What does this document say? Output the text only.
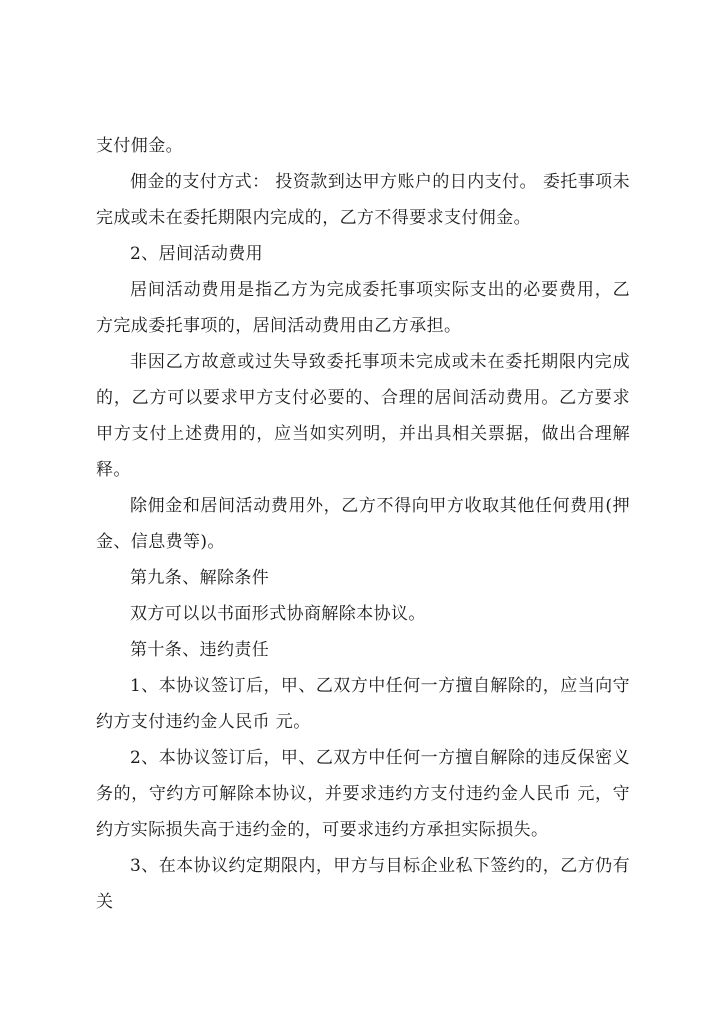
支付佣金。

佣金的支付方式： 投资款到达甲方账户的日内支付。 委托事项未完成或未在委托期限内完成的，乙方不得要求支付佣金。

2、居间活动费用

居间活动费用是指乙方为完成委托事项实际支出的必要费用，乙方完成委托事项的，居间活动费用由乙方承担。

非因乙方故意或过失导致委托事项未完成或未在委托期限内完成的，乙方可以要求甲方支付必要的、合理的居间活动费用。乙方要求甲方支付上述费用的，应当如实列明，并出具相关票据，做出合理解释。

除佣金和居间活动费用外，乙方不得向甲方收取其他任何费用(押金、信息费等)。

第九条、解除条件

双方可以以书面形式协商解除本协议。

第十条、违约责任

1、本协议签订后，甲、乙双方中任何一方擅自解除的，应当向守约方支付违约金人民币 元。

2、本协议签订后，甲、乙双方中任何一方擅自解除的违反保密义务的，守约方可解除本协议，并要求违约方支付违约金人民币 元，守约方实际损失高于违约金的，可要求违约方承担实际损失。

3、在本协议约定期限内，甲方与目标企业私下签约的，乙方仍有关
